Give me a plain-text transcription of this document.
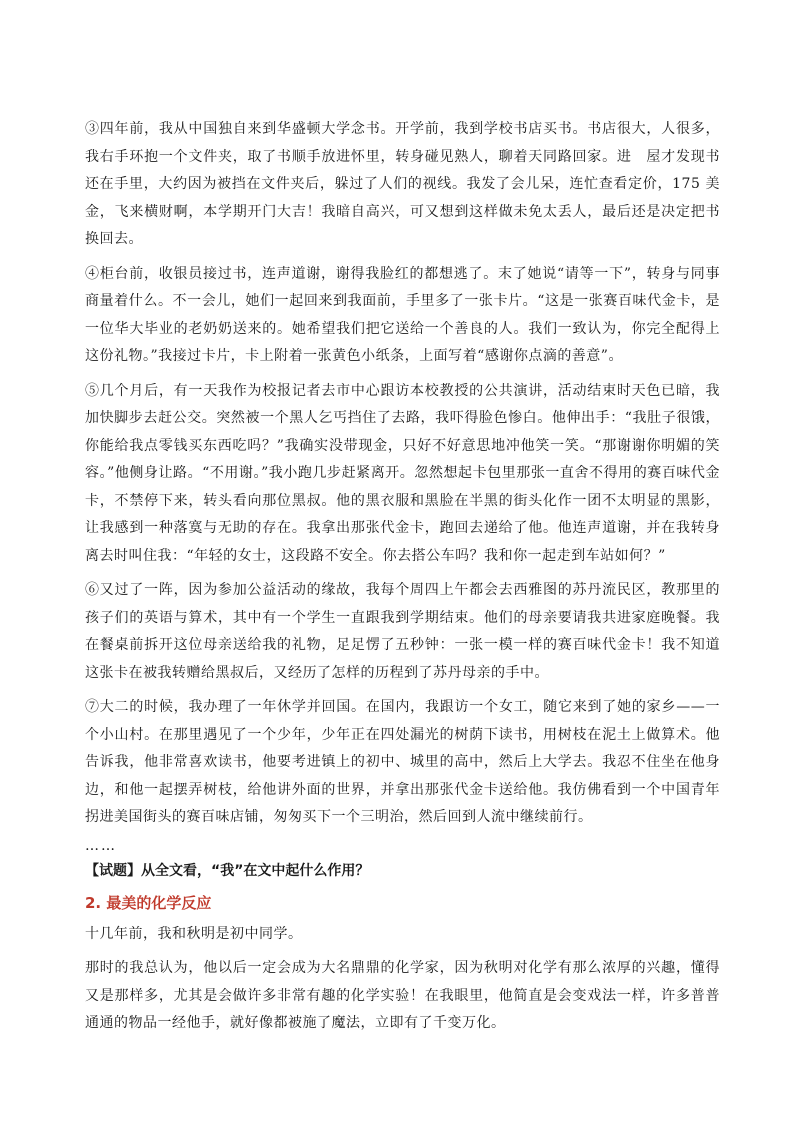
③四年前，我从中国独自来到华盛顿大学念书。开学前，我到学校书店买书。书店很大，人很多，我右手环抱一个文件夹，取了书顺手放进怀里，转身碰见熟人，聊着天同路回家。进　屋才发现书还在手里，大约因为被挡在文件夹后，躲过了人们的视线。我发了会儿呆，连忙查看定价，175 美金，飞来横财啊，本学期开门大吉！我暗自高兴，可又想到这样做未免太丢人，最后还是决定把书换回去。

④柜台前，收银员接过书，连声道谢，谢得我脸红的都想逃了。末了她说“请等一下”，转身与同事商量着什么。不一会儿，她们一起回来到我面前，手里多了一张卡片。“这是一张赛百味代金卡，是一位华大毕业的老奶奶送来的。她希望我们把它送给一个善良的人。我们一致认为，你完全配得上这份礼物。”我接过卡片，卡上附着一张黄色小纸条，上面写着“感谢你点滴的善意”。

⑤几个月后，有一天我作为校报记者去市中心跟访本校教授的公共演讲，活动结束时天色已暗，我加快脚步去赶公交。突然被一个黑人乞丐挡住了去路，我吓得脸色惨白。他伸出手：“我肚子很饿，你能给我点零钱买东西吃吗？”我确实没带现金，只好不好意思地冲他笑一笑。“那谢谢你明媚的笑容。”他侧身让路。“不用谢。”我小跑几步赶紧离开。忽然想起卡包里那张一直舍不得用的赛百味代金卡，不禁停下来，转头看向那位黑叔。他的黑衣服和黑脸在半黑的街头化作一团不太明显的黑影，让我感到一种落寞与无助的存在。我拿出那张代金卡，跑回去递给了他。他连声道谢，并在我转身离去时叫住我：“年轻的女士，这段路不安全。你去搭公车吗？我和你一起走到车站如何？”

⑥又过了一阵，因为参加公益活动的缘故，我每个周四上午都会去西雅图的苏丹流民区，教那里的孩子们的英语与算术，其中有一个学生一直跟我到学期结束。他们的母亲要请我共进家庭晚餐。我在餐桌前拆开这位母亲送给我的礼物，足足愣了五秒钟：一张一模一样的赛百味代金卡！我不知道这张卡在被我转赠给黑叔后，又经历了怎样的历程到了苏丹母亲的手中。

⑦大二的时候，我办理了一年休学并回国。在国内，我跟访一个女工，随它来到了她的家乡——一个小山村。在那里遇见了一个少年，少年正在四处漏光的树荫下读书，用树枝在泥土上做算术。他告诉我，他非常喜欢读书，他要考进镇上的初中、城里的高中，然后上大学去。我忍不住坐在他身边，和他一起摆弄树枝，给他讲外面的世界，并拿出那张代金卡送给他。我仿佛看到一个中国青年拐进美国街头的赛百味店铺，匆匆买下一个三明治，然后回到人流中继续前行。

……
【试题】从全文看，“我”在文中起什么作用？
2. 最美的化学反应

十几年前，我和秋明是初中同学。

那时的我总认为，他以后一定会成为大名鼎鼎的化学家，因为秋明对化学有那么浓厚的兴趣，懂得又是那样多，尤其是会做许多非常有趣的化学实验！在我眼里，他简直是会变戏法一样，许多普普通通的物品一经他手，就好像都被施了魔法，立即有了千变万化。
